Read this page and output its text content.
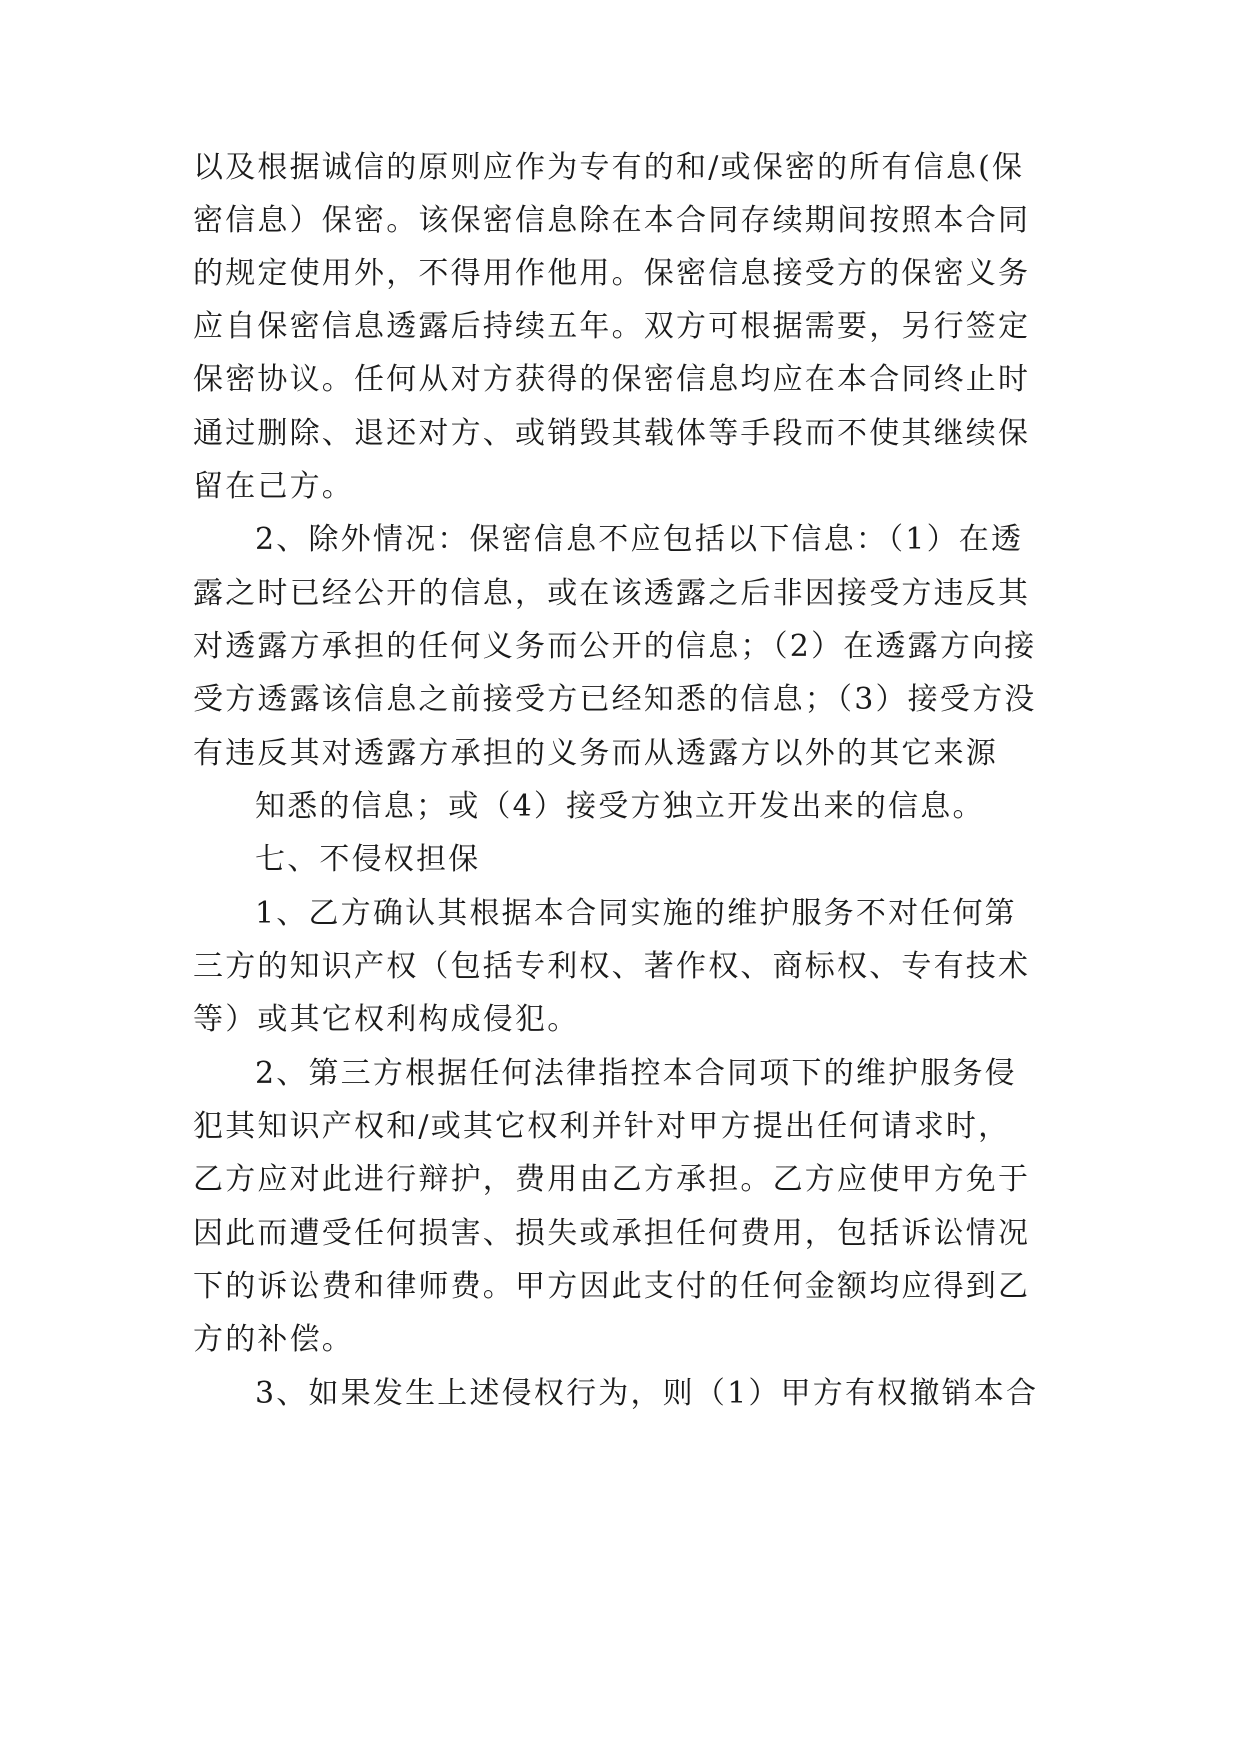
以及根据诚信的原则应作为专有的和/或保密的所有信息(保
密信息）保密。该保密信息除在本合同存续期间按照本合同
的规定使用外，不得用作他用。保密信息接受方的保密义务
应自保密信息透露后持续五年。双方可根据需要，另行签定
保密协议。任何从对方获得的保密信息均应在本合同终止时
通过删除、退还对方、或销毁其载体等手段而不使其继续保
留在己方。
2、除外情况：保密信息不应包括以下信息：（1）在透
露之时已经公开的信息，或在该透露之后非因接受方违反其
对透露方承担的任何义务而公开的信息；（2）在透露方向接
受方透露该信息之前接受方已经知悉的信息；（3）接受方没
有违反其对透露方承担的义务而从透露方以外的其它来源
知悉的信息；或（4）接受方独立开发出来的信息。
七、不侵权担保
1、乙方确认其根据本合同实施的维护服务不对任何第
三方的知识产权（包括专利权、著作权、商标权、专有技术
等）或其它权利构成侵犯。
2、第三方根据任何法律指控本合同项下的维护服务侵
犯其知识产权和/或其它权利并针对甲方提出任何请求时，
乙方应对此进行辩护，费用由乙方承担。乙方应使甲方免于
因此而遭受任何损害、损失或承担任何费用，包括诉讼情况
下的诉讼费和律师费。甲方因此支付的任何金额均应得到乙
方的补偿。
3、如果发生上述侵权行为，则（1）甲方有权撤销本合
